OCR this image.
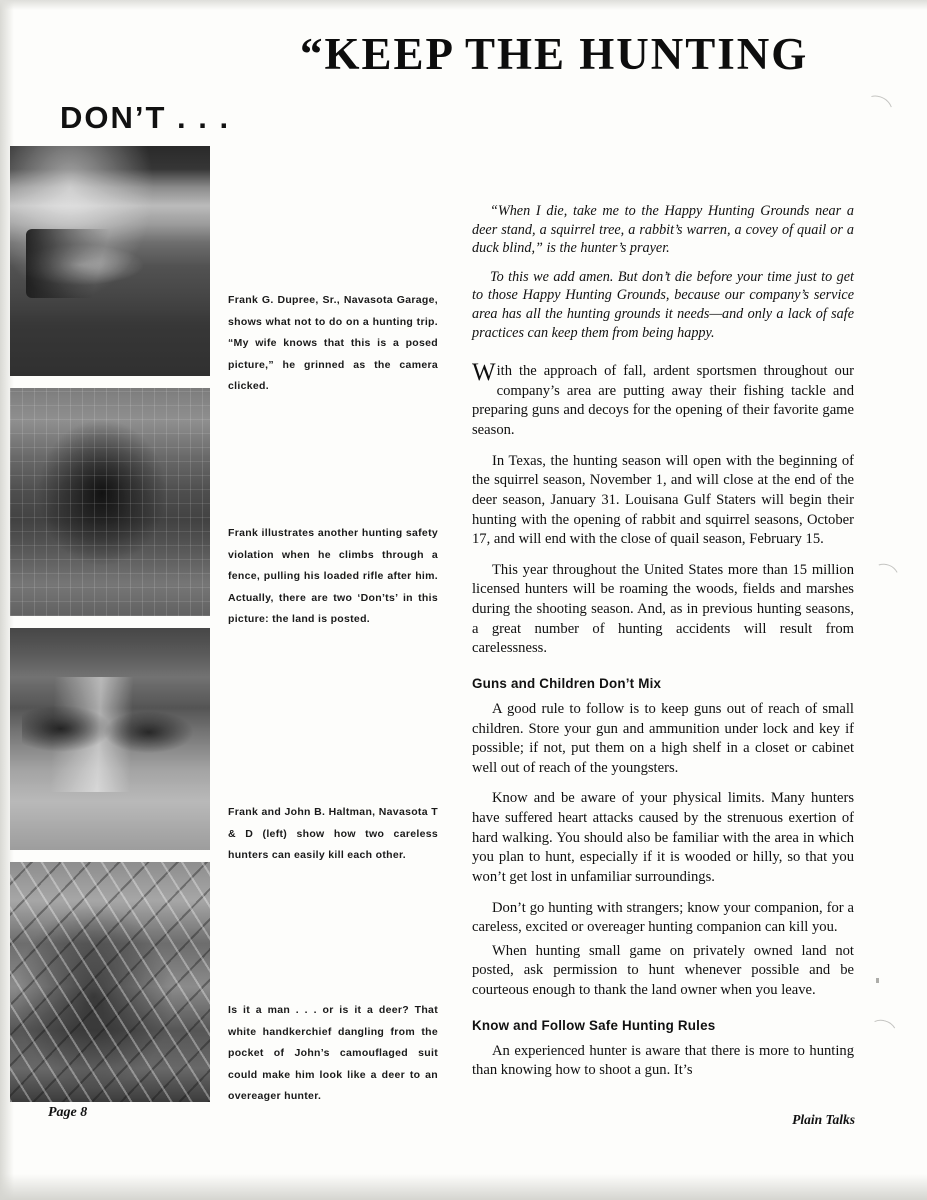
“KEEP THE HUNTING
DON’T . . .
Frank G. Dupree, Sr., Navasota Garage, shows what not to do on a hunting trip. “My wife knows that this is a posed picture,” he grinned as the camera clicked.
Frank illustrates another hunting safety violation when he climbs through a fence, pulling his loaded rifle after him. Actually, there are two ‘Don’ts’ in this picture: the land is posted.
Frank and John B. Haltman, Navasota T & D (left) show how two careless hunters can easily kill each other.
Is it a man . . . or is it a deer? That white handkerchief dangling from the pocket of John’s camouflaged suit could make him look like a deer to an overeager hunter.

“When I die, take me to the Happy Hunting Grounds near a deer stand, a squirrel tree, a rabbit’s warren, a covey of quail or a duck blind,” is the hunter’s prayer.

To this we add amen. But don’t die before your time just to get to those Happy Hunting Grounds, because our company’s service area has all the hunting grounds it needs—and only a lack of safe practices can keep them from being happy.

With the approach of fall, ardent sportsmen throughout our company’s area are putting away their fishing tackle and preparing guns and decoys for the opening of their favorite game season.

In Texas, the hunting season will open with the beginning of the squirrel season, November 1, and will close at the end of the deer season, January 31. Louisana Gulf Staters will begin their hunting with the opening of rabbit and squirrel seasons, October 17, and will end with the close of quail season, February 15.

This year throughout the United States more than 15 million licensed hunters will be roaming the woods, fields and marshes during the shooting season. And, as in previous hunting seasons, a great number of hunting accidents will result from carelessness.

Guns and Children Don’t Mix

A good rule to follow is to keep guns out of reach of small children. Store your gun and ammunition under lock and key if possible; if not, put them on a high shelf in a closet or cabinet well out of reach of the youngsters.

Know and be aware of your physical limits. Many hunters have suffered heart attacks caused by the strenuous exertion of hard walking. You should also be familiar with the area in which you plan to hunt, especially if it is wooded or hilly, so that you won’t get lost in unfamiliar surroundings.

Don’t go hunting with strangers; know your companion, for a careless, excited or overeager hunting companion can kill you.

When hunting small game on privately owned land not posted, ask permission to hunt whenever possible and be courteous enough to thank the land owner when you leave.

Know and Follow Safe Hunting Rules

An experienced hunter is aware that there is more to hunting than knowing how to shoot a gun. It’s

Page 8	Plain Talks
